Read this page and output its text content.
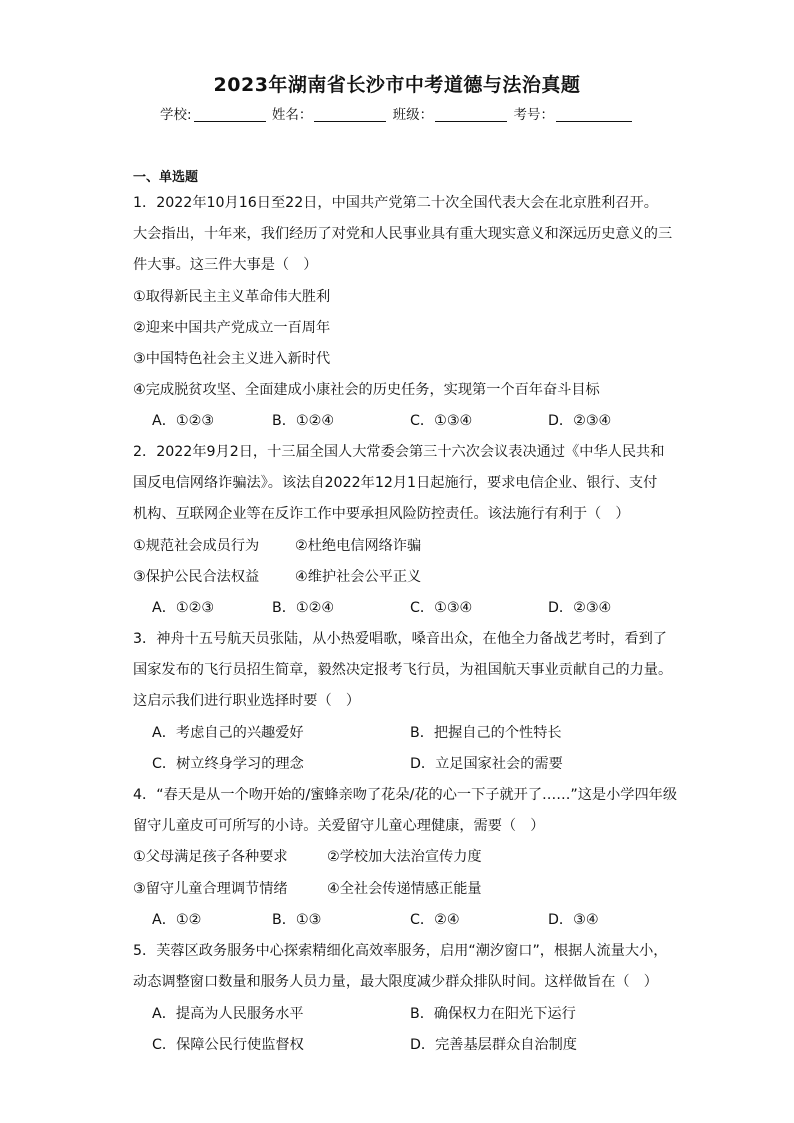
2023年湖南省长沙市中考道德与法治真题
学校:	姓名：	班级：	考号：
一、单选题
1．2022年10月16日至22日，中国共产党第二十次全国代表大会在北京胜利召开。
大会指出，十年来，我们经历了对党和人民事业具有重大现实意义和深远历史意义的三
件大事。这三件大事是（　）
①取得新民主主义革命伟大胜利
②迎来中国共产党成立一百周年
③中国特色社会主义进入新时代
④完成脱贫攻坚、全面建成小康社会的历史任务，实现第一个百年奋斗目标
A．①②③	B．①②④	C．①③④	D．②③④
2．2022年9月2日，十三届全国人大常委会第三十六次会议表决通过《中华人民共和
国反电信网络诈骗法》。该法自2022年12月1日起施行，要求电信企业、银行、支付
机构、互联网企业等在反诈工作中要承担风险防控责任。该法施行有利于（　）
①规范社会成员行为	②杜绝电信网络诈骗
③保护公民合法权益	④维护社会公平正义
A．①②③	B．①②④	C．①③④	D．②③④
3．神舟十五号航天员张陆，从小热爱唱歌，嗓音出众，在他全力备战艺考时，看到了
国家发布的飞行员招生简章，毅然决定报考飞行员，为祖国航天事业贡献自己的力量。
这启示我们进行职业选择时要（　）
A．考虑自己的兴趣爱好	B．把握自己的个性特长
C．树立终身学习的理念	D．立足国家社会的需要
4．“春天是从一个吻开始的/蜜蜂亲吻了花朵/花的心一下子就开了……”这是小学四年级
留守儿童皮可可所写的小诗。关爱留守儿童心理健康，需要（　）
①父母满足孩子各种要求	②学校加大法治宣传力度
③留守儿童合理调节情绪	④全社会传递情感正能量
A．①②	B．①③	C．②④	D．③④
5．芙蓉区政务服务中心探索精细化高效率服务，启用“潮汐窗口”，根据人流量大小，
动态调整窗口数量和服务人员力量，最大限度减少群众排队时间。这样做旨在（　）
A．提高为人民服务水平	B．确保权力在阳光下运行
C．保障公民行使监督权	D．完善基层群众自治制度
